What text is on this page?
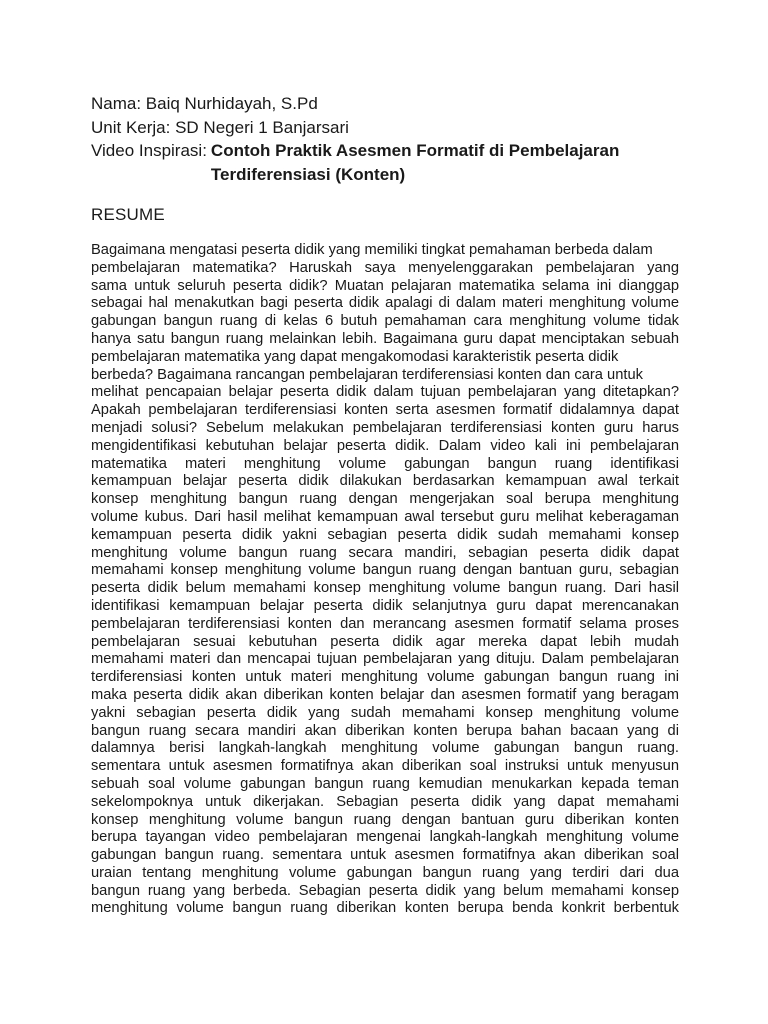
Nama: Baiq Nurhidayah, S.Pd
Unit Kerja: SD Negeri 1 Banjarsari
Video Inspirasi: Contoh Praktik Asesmen Formatif di Pembelajaran Terdiferensiasi (Konten)
RESUME
Bagaimana mengatasi peserta didik yang memiliki tingkat pemahaman berbeda dalam
pembelajaran matematika? Haruskah saya menyelenggarakan pembelajaran yang
sama untuk seluruh peserta didik? Muatan pelajaran matematika selama ini dianggap
sebagai hal menakutkan bagi peserta didik apalagi di dalam materi menghitung volume
gabungan bangun ruang di kelas 6 butuh pemahaman cara menghitung volume tidak
hanya satu bangun ruang melainkan lebih. Bagaimana guru dapat menciptakan sebuah
pembelajaran matematika yang dapat mengakomodasi karakteristik peserta didik
berbeda? Bagaimana rancangan pembelajaran terdiferensiasi konten dan cara untuk
melihat pencapaian belajar peserta didik dalam tujuan pembelajaran yang ditetapkan?
Apakah pembelajaran terdiferensiasi konten serta asesmen formatif didalamnya dapat
menjadi solusi? Sebelum melakukan pembelajaran terdiferensiasi konten guru harus
mengidentifikasi kebutuhan belajar peserta didik. Dalam video kali ini pembelajaran
matematika materi menghitung volume gabungan bangun ruang identifikasi
kemampuan belajar peserta didik dilakukan berdasarkan kemampuan awal terkait
konsep menghitung bangun ruang dengan mengerjakan soal berupa menghitung
volume kubus. Dari hasil melihat kemampuan awal tersebut guru melihat keberagaman
kemampuan peserta didik yakni sebagian peserta didik sudah memahami konsep
menghitung volume bangun ruang secara mandiri, sebagian peserta didik dapat
memahami konsep menghitung volume bangun ruang dengan bantuan guru, sebagian
peserta didik belum memahami konsep menghitung volume bangun ruang. Dari hasil
identifikasi kemampuan belajar peserta didik selanjutnya guru dapat merencanakan
pembelajaran terdiferensiasi konten dan merancang asesmen formatif selama proses
pembelajaran sesuai kebutuhan peserta didik agar mereka dapat lebih mudah
memahami materi dan mencapai tujuan pembelajaran yang dituju. Dalam pembelajaran
terdiferensiasi konten untuk materi menghitung volume gabungan bangun ruang ini
maka peserta didik akan diberikan konten belajar dan asesmen formatif yang beragam
yakni sebagian peserta didik yang sudah memahami konsep menghitung volume
bangun ruang secara mandiri akan diberikan konten berupa bahan bacaan yang di
dalamnya berisi langkah-langkah menghitung volume gabungan bangun ruang.
sementara untuk asesmen formatifnya akan diberikan soal instruksi untuk menyusun
sebuah soal volume gabungan bangun ruang kemudian menukarkan kepada teman
sekelompoknya untuk dikerjakan. Sebagian peserta didik yang dapat memahami
konsep menghitung volume bangun ruang dengan bantuan guru diberikan konten
berupa tayangan video pembelajaran mengenai langkah-langkah menghitung volume
gabungan bangun ruang. sementara untuk asesmen formatifnya akan diberikan soal
uraian tentang menghitung volume gabungan bangun ruang yang terdiri dari dua
bangun ruang yang berbeda. Sebagian peserta didik yang belum memahami konsep
menghitung volume bangun ruang diberikan konten berupa benda konkrit berbentuk
